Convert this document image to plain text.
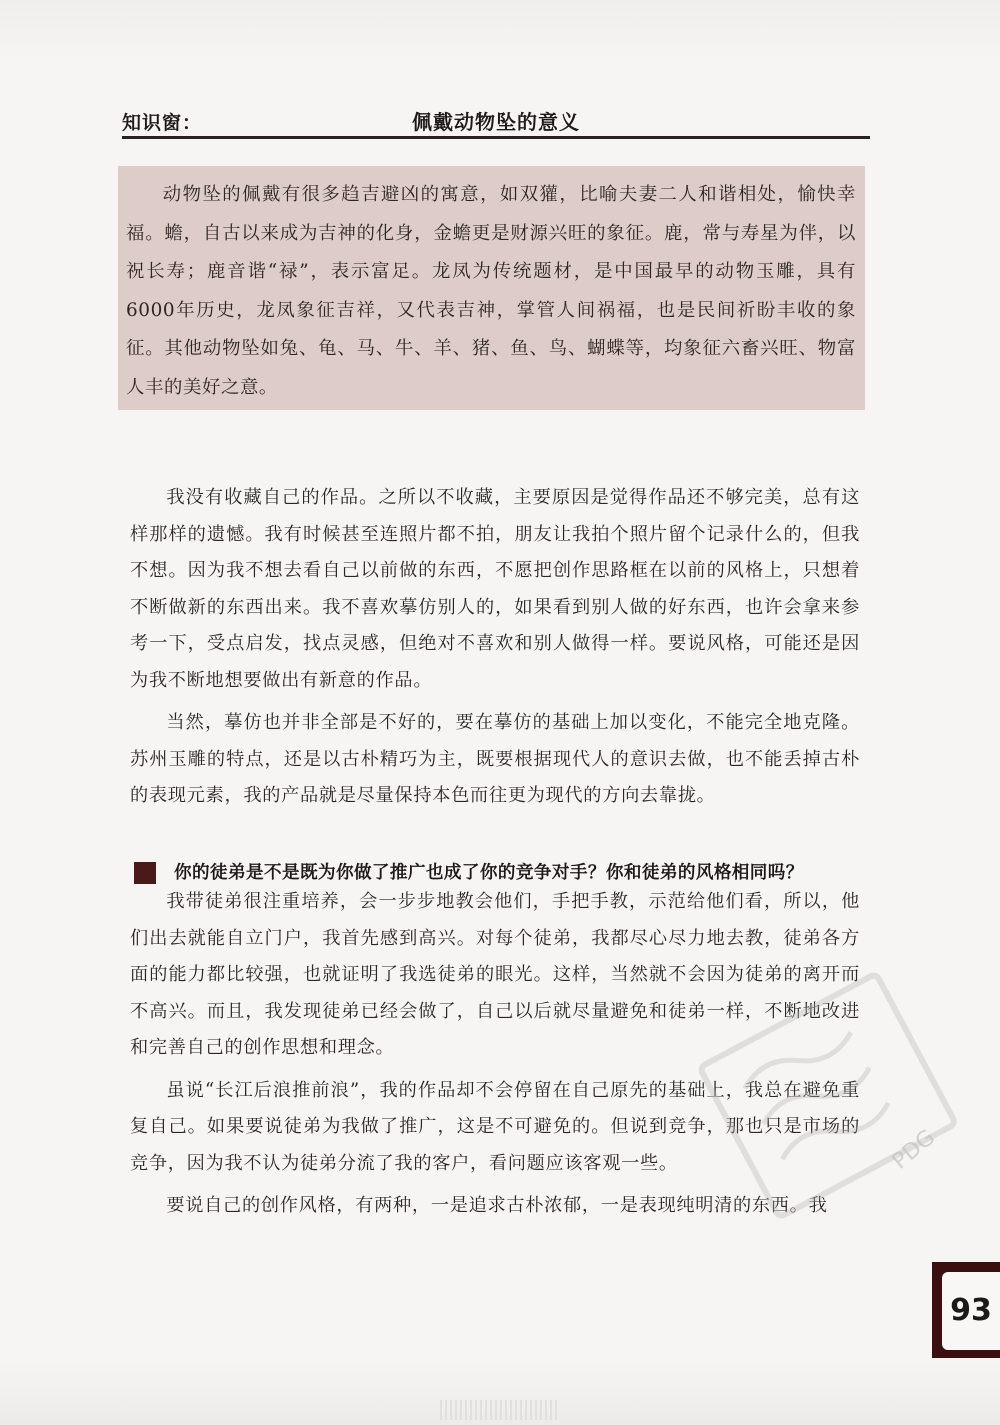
知识窗：	佩戴动物坠的意义

动物坠的佩戴有很多趋吉避凶的寓意，如双獾，比喻夫妻二人和谐相处，愉快幸福。蟾，自古以来成为吉神的化身，金蟾更是财源兴旺的象征。鹿，常与寿星为伴，以祝长寿；鹿音谐“禄”，表示富足。龙凤为传统题材，是中国最早的动物玉雕，具有6000年历史，龙凤象征吉祥，又代表吉神，掌管人间祸福，也是民间祈盼丰收的象征。其他动物坠如兔、龟、马、牛、羊、猪、鱼、鸟、蝴蝶等，均象征六畜兴旺、物富人丰的美好之意。

我没有收藏自己的作品。之所以不收藏，主要原因是觉得作品还不够完美，总有这样那样的遗憾。我有时候甚至连照片都不拍，朋友让我拍个照片留个记录什么的，但我不想。因为我不想去看自己以前做的东西，不愿把创作思路框在以前的风格上，只想着不断做新的东西出来。我不喜欢摹仿别人的，如果看到别人做的好东西，也许会拿来参考一下，受点启发，找点灵感，但绝对不喜欢和别人做得一样。要说风格，可能还是因为我不断地想要做出有新意的作品。

当然，摹仿也并非全部是不好的，要在摹仿的基础上加以变化，不能完全地克隆。苏州玉雕的特点，还是以古朴精巧为主，既要根据现代人的意识去做，也不能丢掉古朴的表现元素，我的产品就是尽量保持本色而往更为现代的方向去靠拢。

你的徒弟是不是既为你做了推广也成了你的竞争对手？你和徒弟的风格相同吗？

我带徒弟很注重培养，会一步步地教会他们，手把手教，示范给他们看，所以，他们出去就能自立门户，我首先感到高兴。对每个徒弟，我都尽心尽力地去教，徒弟各方面的能力都比较强，也就证明了我选徒弟的眼光。这样，当然就不会因为徒弟的离开而不高兴。而且，我发现徒弟已经会做了，自己以后就尽量避免和徒弟一样，不断地改进和完善自己的创作思想和理念。

虽说“长江后浪推前浪”，我的作品却不会停留在自己原先的基础上，我总在避免重复自己。如果要说徒弟为我做了推广，这是不可避免的。但说到竞争，那也只是市场的竞争，因为我不认为徒弟分流了我的客户，看问题应该客观一些。

要说自己的创作风格，有两种，一是追求古朴浓郁，一是表现纯明清的东西。我

PDG
93
